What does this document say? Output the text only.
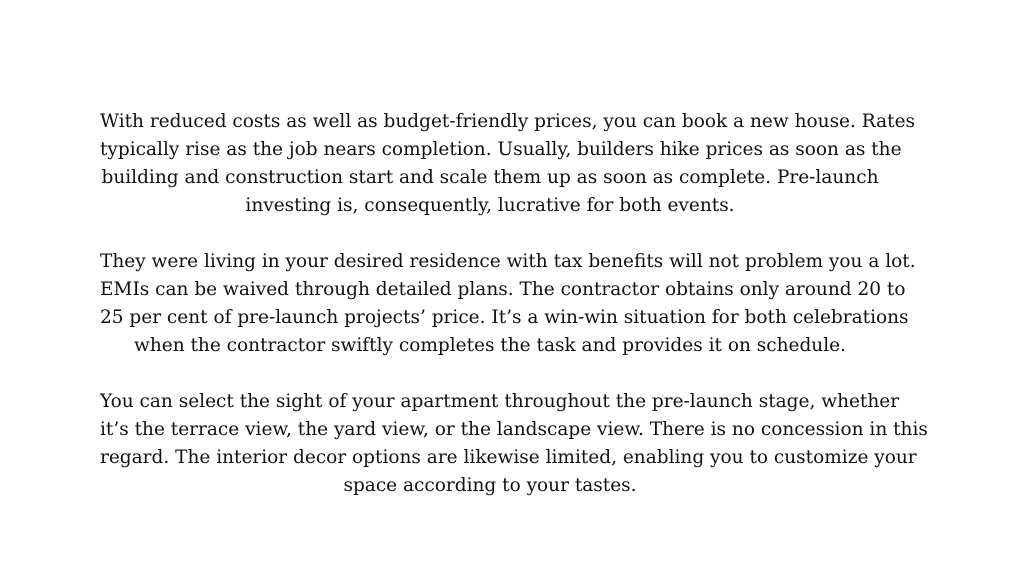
With reduced costs as well as budget-friendly prices, you can book a new house. Rates
typically rise as the job nears completion. Usually, builders hike prices as soon as the
building and construction start and scale them up as soon as complete. Pre-launch
investing is, consequently, lucrative for both events.

They were living in your desired residence with tax benefits will not problem you a lot.
EMIs can be waived through detailed plans. The contractor obtains only around 20 to
25 per cent of pre-launch projects’ price. It’s a win-win situation for both celebrations
when the contractor swiftly completes the task and provides it on schedule.

You can select the sight of your apartment throughout the pre-launch stage, whether
it’s the terrace view, the yard view, or the landscape view. There is no concession in this
regard. The interior decor options are likewise limited, enabling you to customize your
space according to your tastes.
